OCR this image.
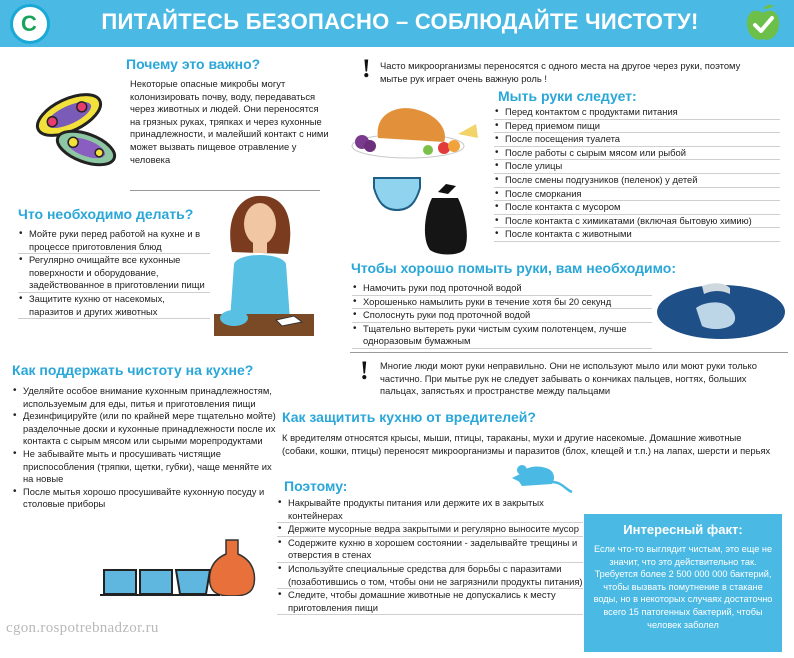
С	ПИТАЙТЕСЬ БЕЗОПАСНО – СОБЛЮДАЙТЕ ЧИСТОТУ!
Почему это важно?
Некоторые опасные микробы могут колонизировать почву, воду, передаваться через животных и людей. Они переносятся на грязных руках, тряпках и через кухонные принадлежности, и малейший контакт с ними может вызвать пищевое отравление у человека
Что необходимо делать?
• Мойте руки перед работой на кухне и в процессе приготовления блюд
• Регулярно очищайте все кухонные поверхности и оборудование, задействованное в приготовлении пищи
• Защитите кухню от насекомых, паразитов и других животных
Как поддержать чистоту на кухне?
• Уделяйте особое внимание кухонным принадлежностям, используемым для еды, питья и приготовления пищи
• Дезинфицируйте (или по крайней мере тщательно мойте) разделочные доски и кухонные принадлежности после их контакта с сырым мясом или сырыми морепродуктами
• Не забывайте мыть и просушивать чистящие приспособления (тряпки, щетки, губки), чаще меняйте их на новые
• После мытья хорошо просушивайте кухонную посуду и столовые приборы
cgon.rospotrebnadzor.ru
! Часто микроорганизмы переносятся с одного места на другое через руки, поэтому мытье рук играет очень важную роль !
Мыть руки следует:
• Перед контактом с продуктами питания
• Перед приемом пищи
• После посещения туалета
• После работы с сырым мясом или рыбой
• После улицы
• После смены подгузников (пеленок) у детей
• После сморкания
• После контакта с мусором
• После контакта с химикатами (включая бытовую химию)
• После контакта с животными
Чтобы хорошо помыть руки, вам необходимо:
• Намочить руки под проточной водой
• Хорошенько намылить руки в течение хотя бы 20 секунд
• Сполоснуть руки под проточной водой
• Тщательно вытереть руки чистым сухим полотенцем, лучше одноразовым бумажным
! Многие люди моют руки неправильно. Они не используют мыло или моют руки только частично. При мытье рук не следует забывать о кончиках пальцев, ногтях, больших пальцах, запястьях и пространстве между пальцами
Как защитить кухню от вредителей?
К вредителям относятся крысы, мыши, птицы, тараканы, мухи и другие насекомые. Домашние животные (собаки, кошки, птицы) переносят микроорганизмы и паразитов (блох, клещей и т.п.) на лапах, шерсти и перьях
Поэтому:
• Накрывайте продукты питания или держите их в закрытых контейнерах
• Держите мусорные ведра закрытыми и регулярно выносите мусор
• Содержите кухню в хорошем состоянии - заделывайте трещины и отверстия в стенах
• Используйте специальные средства для борьбы с паразитами (позаботившись о том, чтобы они не загрязнили продукты питания)
• Следите, чтобы домашние животные не допускались к месту приготовления пищи
Интересный факт:
Если что-то выглядит чистым, это еще не значит, что это действительно так. Требуется более 2 500 000 000 бактерий, чтобы вызвать помутнение в стакане воды, но в некоторых случаях достаточно всего 15 патогенных бактерий, чтобы человек заболел
